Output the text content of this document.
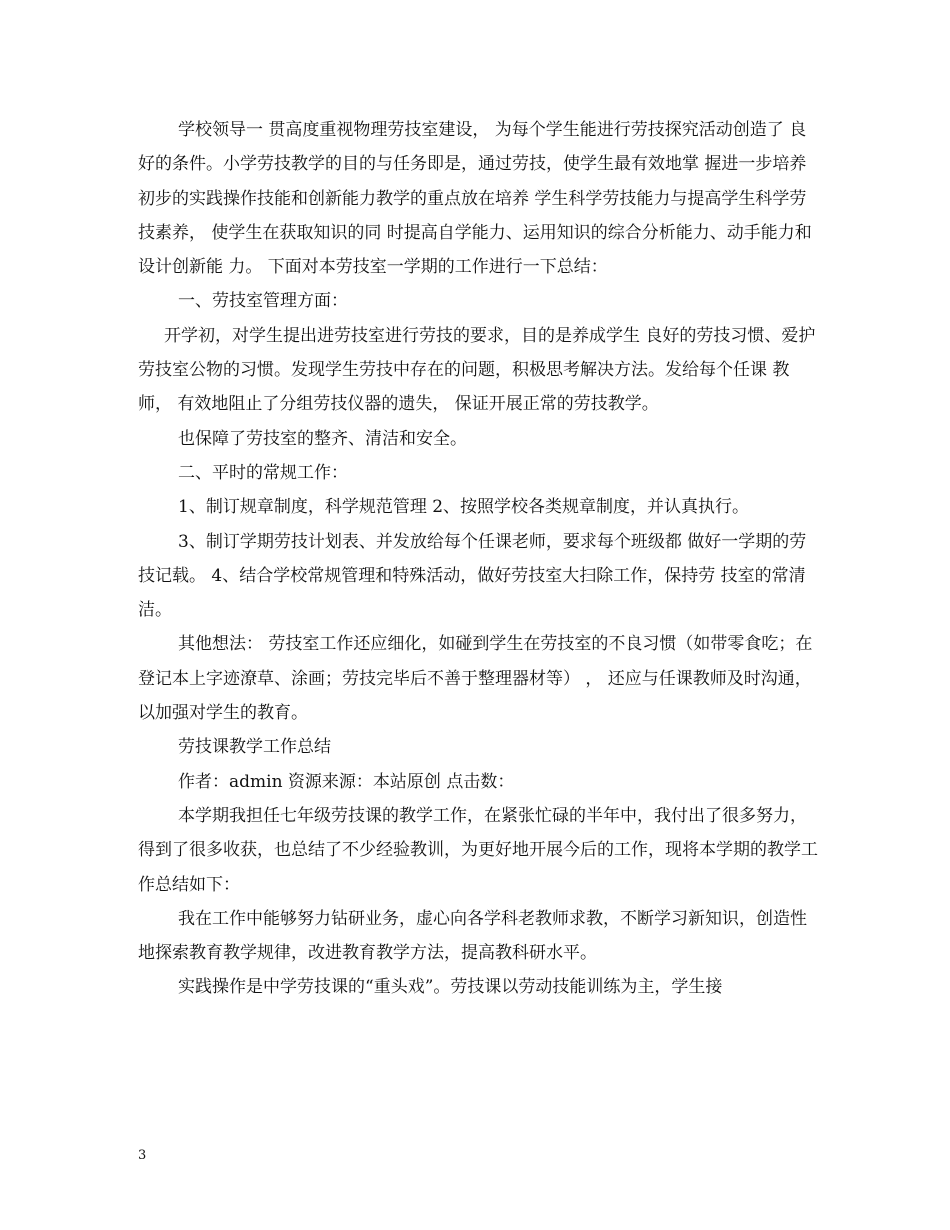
学校领导一 贯高度重视物理劳技室建设， 为每个学生能进行劳技探究活动创造了 良好的条件。小学劳技教学的目的与任务即是，通过劳技，使学生最有效地掌 握进一步培养初步的实践操作技能和创新能力教学的重点放在培养 学生科学劳技能力与提高学生科学劳技素养， 使学生在获取知识的同 时提高自学能力、运用知识的综合分析能力、动手能力和设计创新能 力。 下面对本劳技室一学期的工作进行一下总结：

一、劳技室管理方面：

开学初，对学生提出进劳技室进行劳技的要求，目的是养成学生 良好的劳技习惯、爱护劳技室公物的习惯。发现学生劳技中存在的问题，积极思考解决方法。发给每个任课 教师， 有效地阻止了分组劳技仪器的遗失， 保证开展正常的劳技教学。

也保障了劳技室的整齐、清洁和安全。

二、平时的常规工作：

1、制订规章制度，科学规范管理 2、按照学校各类规章制度，并认真执行。

3、制订学期劳技计划表、并发放给每个任课老师，要求每个班级都 做好一学期的劳技记载。 4、结合学校常规管理和特殊活动，做好劳技室大扫除工作，保持劳 技室的常清洁。

其他想法： 劳技室工作还应细化，如碰到学生在劳技室的不良习惯（如带零食吃；在登记本上字迹潦草、涂画；劳技完毕后不善于整理器材等） ， 还应与任课教师及时沟通，以加强对学生的教育。

劳技课教学工作总结

作者：admin 资源来源：本站原创 点击数：

本学期我担任七年级劳技课的教学工作，在紧张忙碌的半年中，我付出了很多努力，得到了很多收获，也总结了不少经验教训，为更好地开展今后的工作，现将本学期的教学工作总结如下：

我在工作中能够努力钻研业务，虚心向各学科老教师求教，不断学习新知识，创造性地探索教育教学规律，改进教育教学方法，提高教科研水平。

实践操作是中学劳技课的“重头戏”。劳技课以劳动技能训练为主，学生接

3
